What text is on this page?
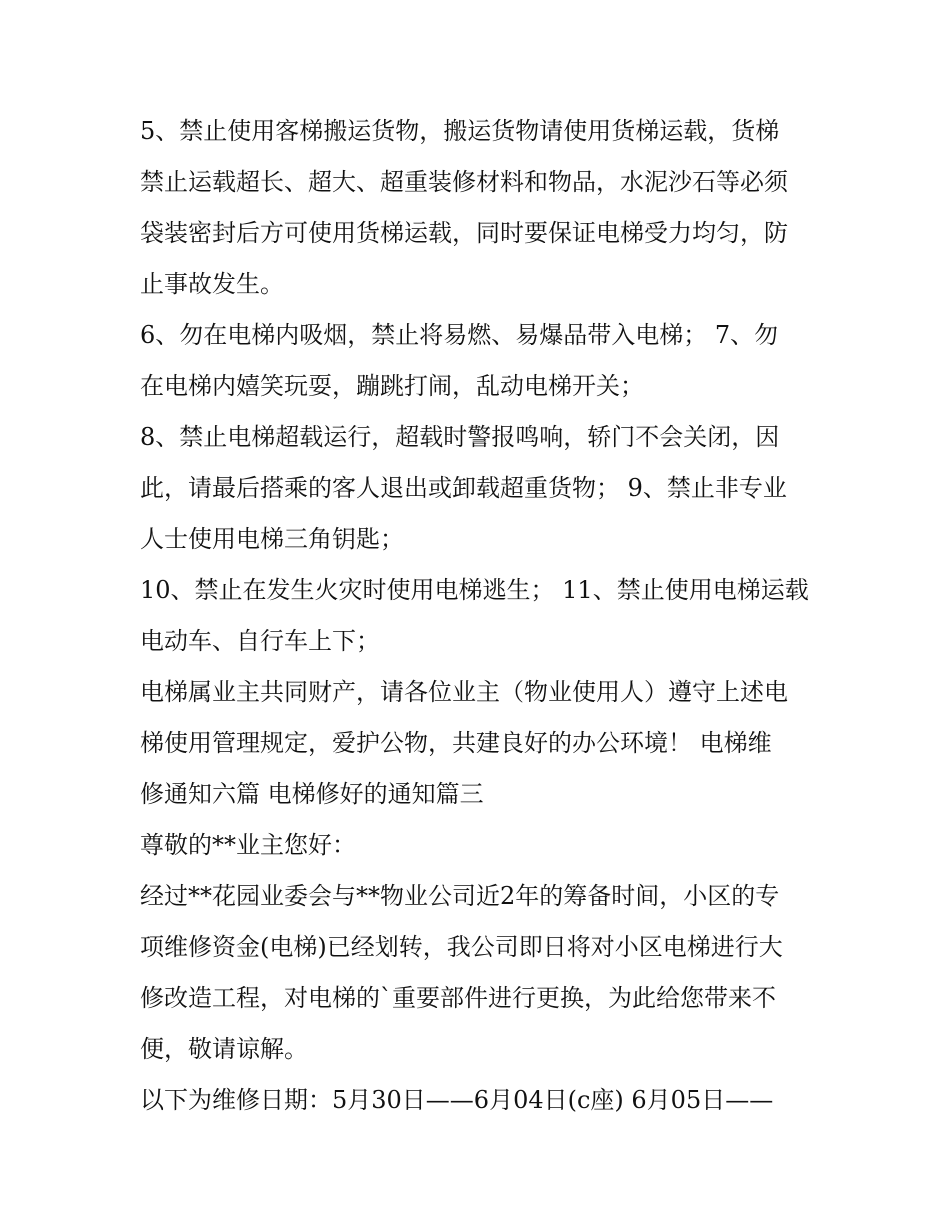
5、禁止使用客梯搬运货物，搬运货物请使用货梯运载，货梯
禁止运载超长、超大、超重装修材料和物品，水泥沙石等必须
袋装密封后方可使用货梯运载，同时要保证电梯受力均匀，防
止事故发生。
6、勿在电梯内吸烟，禁止将易燃、易爆品带入电梯； 7、勿
在电梯内嬉笑玩耍，蹦跳打闹，乱动电梯开关；
8、禁止电梯超载运行，超载时警报鸣响，轿门不会关闭，因
此，请最后搭乘的客人退出或卸载超重货物； 9、禁止非专业
人士使用电梯三角钥匙；
10、禁止在发生火灾时使用电梯逃生； 11、禁止使用电梯运载
电动车、自行车上下；
电梯属业主共同财产，请各位业主（物业使用人）遵守上述电
梯使用管理规定，爱护公物，共建良好的办公环境！ 电梯维
修通知六篇 电梯修好的通知篇三
尊敬的**业主您好：
经过**花园业委会与**物业公司近2年的筹备时间，小区的专
项维修资金(电梯)已经划转，我公司即日将对小区电梯进行大
修改造工程，对电梯的`重要部件进行更换，为此给您带来不
便，敬请谅解。
以下为维修日期：5月30日——6月04日(c座) 6月05日——
